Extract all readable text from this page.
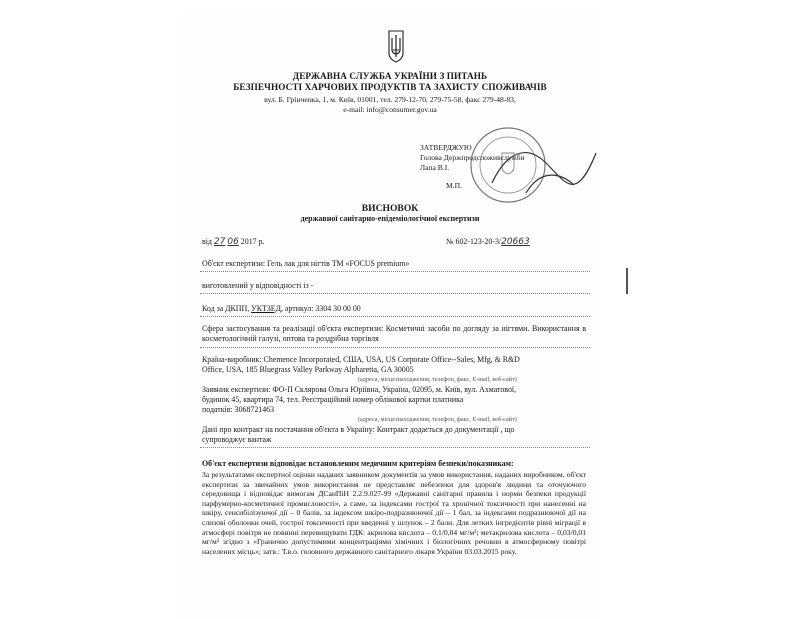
ДЕРЖАВНА СЛУЖБА УКРАЇНИ З ПИТАНЬ
БЕЗПЕЧНОСТІ ХАРЧОВИХ ПРОДУКТІВ ТА ЗАХИСТУ СПОЖИВАЧІВ
вул. Б. Грінченка, 1, м. Київ, 01001, тел. 279-12-70, 279-75-58, факс 279-48-83,
e-mail: info@consumer.gov.ua
ЗАТВЕРДЖУЮ
Голова Держпродспоживслужби
Лапа В.І.
М.П.
ВИСНОВОК
державної санітарно-епідеміологічної експертизи
від 27 06 2017 р.	№ 602-123-20-3/20663
Об'єкт експертизи: Гель лак для нігтів ТМ «FOCUS premium»
виготовлений у відповідності із -
Код за ДКПП, УКТЗЕД, артикул: 3304 30 00 00
Сфера застосування та реалізації об'єкта експертизи: Косметичні засоби по догляду за нігтями. Використання в косметологічній галузі, оптова та роздрібна торгівля
Країна-виробник: Chemence Incorporated, США, USA, US Corporate Office--Sales, Mfg, & R&D
Office, USA, 185 Bluegrass Valley Parkway Alpharetta, GA 30005
(адреса, місцезнаходження, телефон, факс, E-mail, веб-сайт)
Заявник експертизи: ФО-П Склярова Ольга Юріївна, Україна, 02095, м. Київ, вул. Ахматової,
будинок 45, квартира 74, тел. Реєстраційний номер облікової картки платника
податків: 3068721463
(адреса, місцезнаходження, телефон, факс, E-mail, веб-сайт)
Дані про контракт на постачання об'єкта в Україну: Контракт додається до документації , що
супроводжує вантаж
Об'єкт експертизи відповідає встановленим медичним критеріям безпеки/показникам:
За результатами експертної оцінки наданих заявником документів за умов використання, наданих виробником, об'єкт експертизи за звичайних умов використання не представляє небезпеки для здоров'я людини та оточуючого середовища і відповідає вимогам ДСанПіН 2.2.9.027-99 «Державні санітарні правила і норми безпеки продукції парфумерно-косметичної промисловості», а саме, за індексами гострої та хронічної токсичності при нанесенні на шкіру, сенсибілізуючої дії – 0 балів, за індексом шкіро-подразнюючої дії – 1 бал, за індексами подразнюючої дії на слизові оболонки очей, гострої токсичності при введенні у шлунок – 2 бали. Для летких інгредієнтів рівні міграції в атмосфері повітря не повинні перевищувати ГДК: акрилова кислота – 0,1/0,04 мг/м³; метакрилова кислота – 0,03/0,01 мг/м³ згідно з «Гранично допустимими концентраціями хімічних і біологічних речовин в атмосферному повітрі населених місць»; затв.: Т.в.о. головного державного санітарного лікаря України 03.03.2015 року.
